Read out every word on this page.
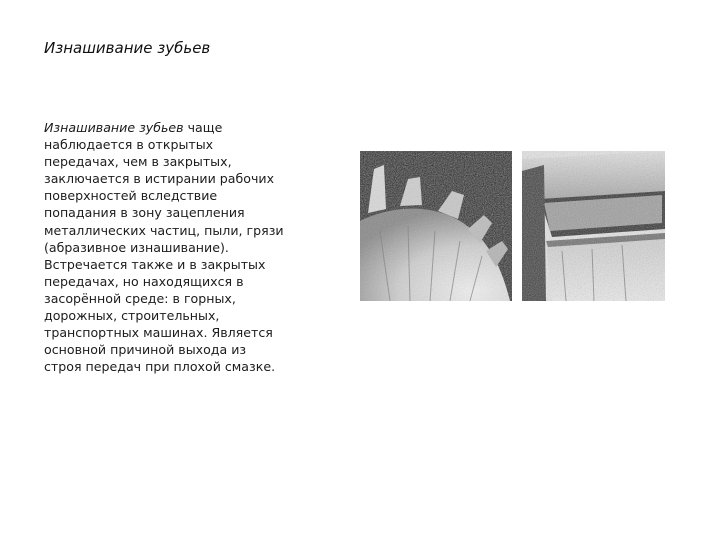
Изнашивание зубьев
Изнашивание зубьев чаще наблюдается в открытых передачах, чем в закрытых, заключается в истирании рабочих поверхностей вследствие попадания в зону зацепления металлических частиц, пыли, грязи (абразивное изнашивание). Встречается также и в закрытых передачах, но находящихся в засорённой среде: в горных, дорожных, строительных, транспортных машинах. Является основной причиной выхода из строя передач при плохой смазке.
